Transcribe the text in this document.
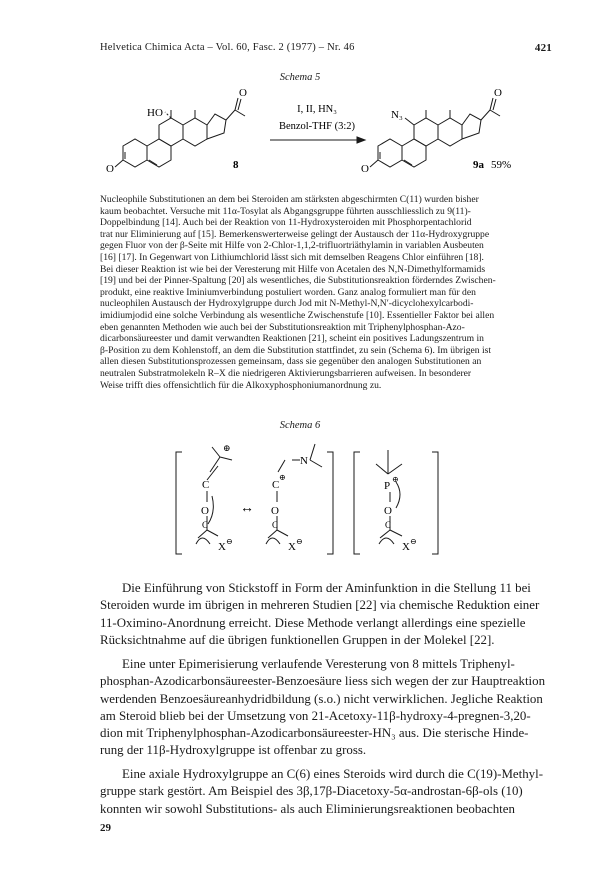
Helvetica Chimica Acta – Vol. 60, Fasc. 2 (1977) – Nr. 46	421
Schema 5
O
O
HO
8
I, II, HN₃
Benzol-THF (3:2)
O
O
N₃
9a 59%
Nucleophile Substitutionen an dem bei Steroiden am stärksten abgeschirmten C(11) wurden bisher
kaum beobachtet. Versuche mit 11α-Tosylat als Abgangsgruppe führten ausschliesslich zu 9(11)-
Doppelbindung [14]. Auch bei der Reaktion von 11-Hydroxysteroiden mit Phosphorpentachlorid
trat nur Eliminierung auf [15]. Bemerkenswerterweise gelingt der Austausch der 11α-Hydroxygruppe
gegen Fluor von der β-Seite mit Hilfe von 2-Chlor-1,1,2-trifluortriäthylamin in variablen Ausbeuten
[16] [17]. In Gegenwart von Lithiumchlorid lässt sich mit demselben Reagens Chlor einführen [18].
Bei dieser Reaktion ist wie bei der Veresterung mit Hilfe von Acetalen des N,N-Dimethylformamids
[19] und bei der Pinner-Spaltung [20] als wesentliches, die Substitutionsreaktion förderndes Zwischen-
produkt, eine reaktive Iminiumverbindung postuliert worden. Ganz analog formuliert man für den
nucleophilen Austausch der Hydroxylgruppe durch Jod mit N-Methyl-N,N′-dicyclohexylcarbodi-
imidiumjodid eine solche Verbindung als wesentliche Zwischenstufe [10]. Essentieller Faktor bei allen
eben genannten Methoden wie auch bei der Substitutionsreaktion mit Triphenylphosphan-Azo-
dicarbonsäureester und damit verwandten Reaktionen [21], scheint ein positives Ladungszentrum in
β-Position zu dem Kohlenstoff, an dem die Substitution stattfindet, zu sein (Schema 6). Im übrigen ist
allen diesen Substitutionsprozessen gemeinsam, dass sie gegenüber den analogen Substitutionen an
neutralen Substratmolekeln R–X die niedrigeren Aktivierungsbarrieren aufweisen. In besonderer
Weise trifft dies offensichtlich für die Alkoxyphosphoniumanordnung zu.
Schema 6
⊕
C
O
C
X ⊖
↔
N
C
⊕
O
C
X ⊖
P
⊕
O
C
X ⊖
Die Einführung von Stickstoff in Form der Aminfunktion in die Stellung 11 bei
Steroiden wurde im übrigen in mehreren Studien [22] via chemische Reduktion einer
11-Oximino-Anordnung erreicht. Diese Methode verlangt allerdings eine spezielle
Rücksichtnahme auf die übrigen funktionellen Gruppen in der Molekel [22].
Eine unter Epimerisierung verlaufende Veresterung von 8 mittels Triphenyl-
phosphan-Azodicarbonsäureester-Benzoesäure liess sich wegen der zur Hauptreaktion
werdenden Benzoesäureanhydridbildung (s.o.) nicht verwirklichen. Jegliche Reaktion
am Steroid blieb bei der Umsetzung von 21-Acetoxy-11β-hydroxy-4-pregnen-3,20-
dion mit Triphenylphosphan-Azodicarbonsäureester-HN₃ aus. Die sterische Hinde-
rung der 11β-Hydroxylgruppe ist offenbar zu gross.
Eine axiale Hydroxylgruppe an C(6) eines Steroids wird durch die C(19)-Methyl-
gruppe stark gestört. Am Beispiel des 3β,17β-Diacetoxy-5α-androstan-6β-ols (10)
konnten wir sowohl Substitutions- als auch Eliminierungsreaktionen beobachten
29
